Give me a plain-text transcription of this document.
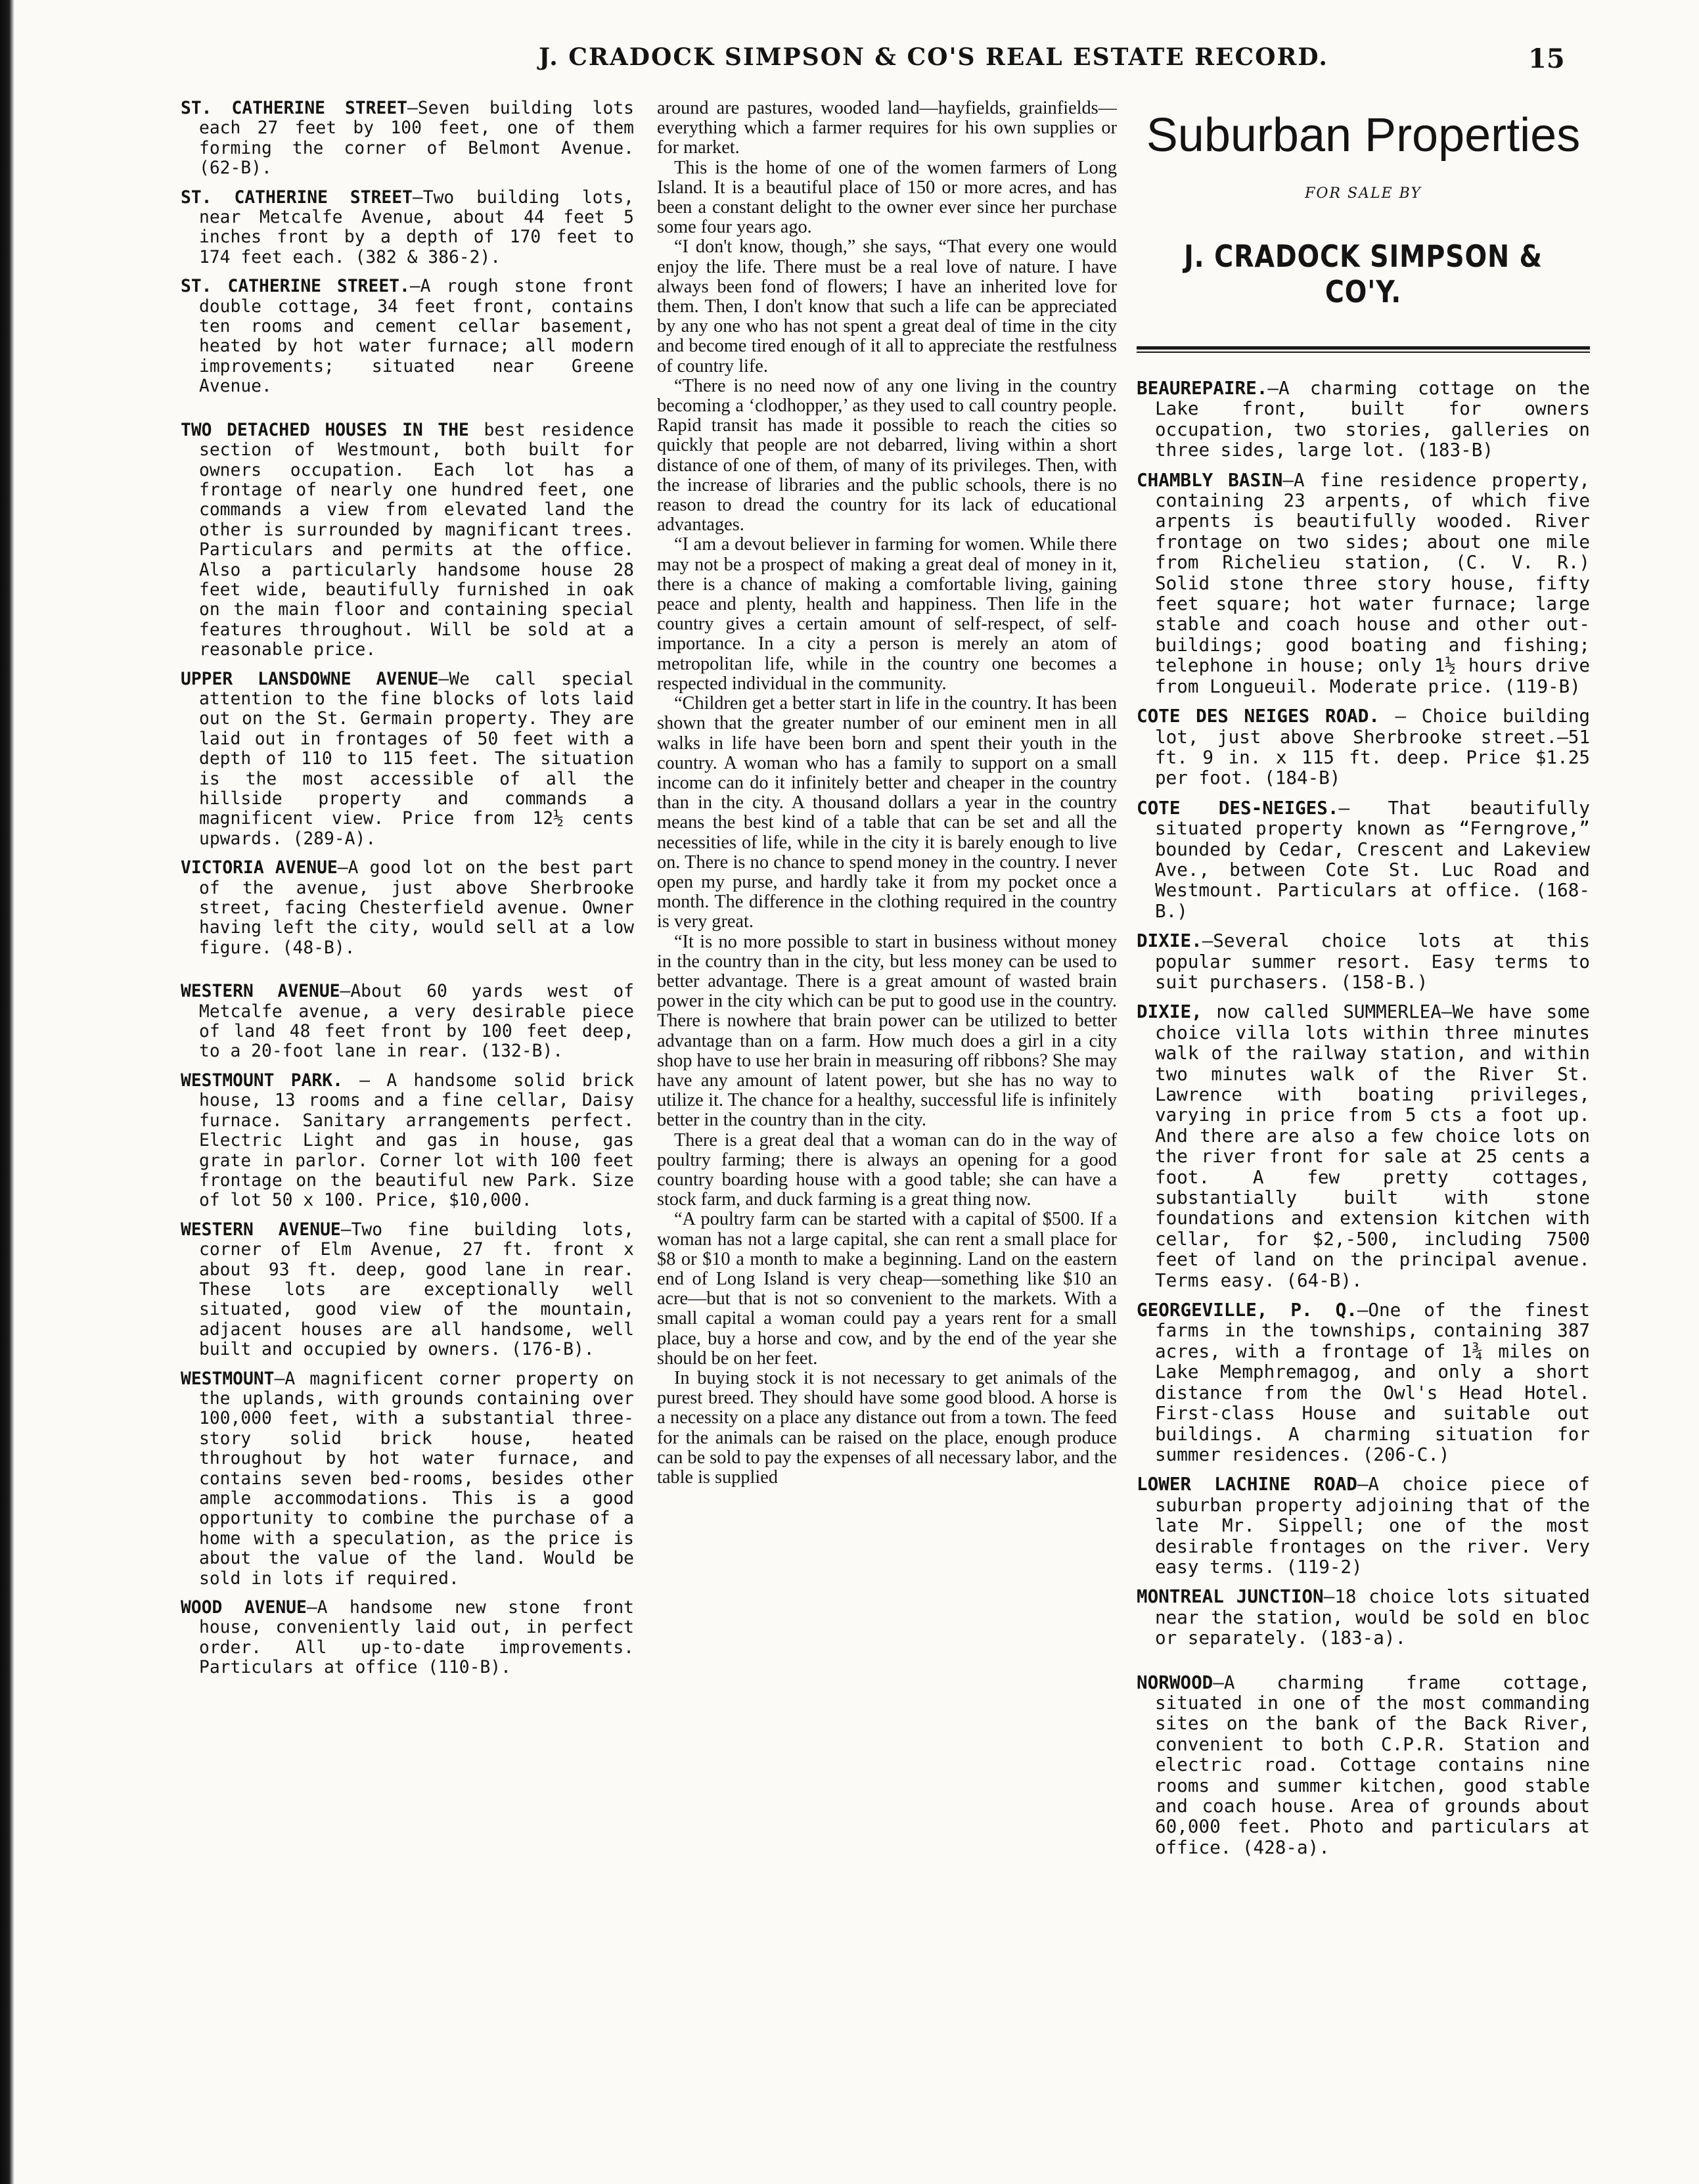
J. CRADOCK SIMPSON & CO'S REAL ESTATE RECORD.	15

ST. CATHERINE STREET—Seven building lots each 27 feet by 100 feet, one of them forming the corner of Belmont Avenue. (62-B).

ST. CATHERINE STREET—Two building lots, near Metcalfe Avenue, about 44 feet 5 inches front by a depth of 170 feet to 174 feet each. (382 & 386-2).

ST. CATHERINE STREET.—A rough stone front double cottage, 34 feet front, contains ten rooms and cement cellar basement, heated by hot water furnace; all modern improvements; situated near Greene Avenue.

TWO DETACHED HOUSES IN THE best residence section of Westmount, both built for owners occupation. Each lot has a frontage of nearly one hundred feet, one commands a view from elevated land the other is surrounded by magnificant trees. Particulars and permits at the office. Also a particularly handsome house 28 feet wide, beautifully furnished in oak on the main floor and containing special features throughout. Will be sold at a reasonable price.

UPPER LANSDOWNE AVENUE—We call special attention to the fine blocks of lots laid out on the St. Germain property. They are laid out in frontages of 50 feet with a depth of 110 to 115 feet. The situation is the most accessible of all the hillside property and commands a magnificent view. Price from 12½ cents upwards. (289-A).

VICTORIA AVENUE—A good lot on the best part of the avenue, just above Sherbrooke street, facing Chesterfield avenue. Owner having left the city, would sell at a low figure. (48-B).

WESTERN AVENUE—About 60 yards west of Metcalfe avenue, a very desirable piece of land 48 feet front by 100 feet deep, to a 20-foot lane in rear. (132-B).

WESTMOUNT PARK. — A handsome solid brick house, 13 rooms and a fine cellar, Daisy furnace. Sanitary arrangements perfect. Electric Light and gas in house, gas grate in parlor. Corner lot with 100 feet frontage on the beautiful new Park. Size of lot 50 x 100. Price, $10,000.

WESTERN AVENUE—Two fine building lots, corner of Elm Avenue, 27 ft. front x about 93 ft. deep, good lane in rear. These lots are exceptionally well situated, good view of the mountain, adjacent houses are all handsome, well built and occupied by owners. (176-B).

WESTMOUNT—A magnificent corner property on the uplands, with grounds containing over 100,000 feet, with a substantial three-story solid brick house, heated throughout by hot water furnace, and contains seven bed-rooms, besides other ample accommodations. This is a good opportunity to combine the purchase of a home with a speculation, as the price is about the value of the land. Would be sold in lots if required.

WOOD AVENUE—A handsome new stone front house, conveniently laid out, in perfect order. All up-to-date improvements. Particulars at office (110-B).

around are pastures, wooded land—hayfields, grainfields—everything which a farmer requires for his own supplies or for market.

This is the home of one of the women farmers of Long Island. It is a beautiful place of 150 or more acres, and has been a constant delight to the owner ever since her purchase some four years ago.

“I don't know, though,” she says, “That every one would enjoy the life. There must be a real love of nature. I have always been fond of flowers; I have an inherited love for them. Then, I don't know that such a life can be appreciated by any one who has not spent a great deal of time in the city and become tired enough of it all to appreciate the restfulness of country life.

“There is no need now of any one living in the country becoming a ‘clodhopper,’ as they used to call country people. Rapid transit has made it possible to reach the cities so quickly that people are not debarred, living within a short distance of one of them, of many of its privileges. Then, with the increase of libraries and the public schools, there is no reason to dread the country for its lack of educational advantages.

“I am a devout believer in farming for women. While there may not be a prospect of making a great deal of money in it, there is a chance of making a comfortable living, gaining peace and plenty, health and happiness. Then life in the country gives a certain amount of self-respect, of self-importance. In a city a person is merely an atom of metropolitan life, while in the country one becomes a respected individual in the community.

“Children get a better start in life in the country. It has been shown that the greater number of our eminent men in all walks in life have been born and spent their youth in the country. A woman who has a family to support on a small income can do it infinitely better and cheaper in the country than in the city. A thousand dollars a year in the country means the best kind of a table that can be set and all the necessities of life, while in the city it is barely enough to live on. There is no chance to spend money in the country. I never open my purse, and hardly take it from my pocket once a month. The difference in the clothing required in the country is very great.

“It is no more possible to start in business without money in the country than in the city, but less money can be used to better advantage. There is a great amount of wasted brain power in the city which can be put to good use in the country. There is nowhere that brain power can be utilized to better advantage than on a farm. How much does a girl in a city shop have to use her brain in measuring off ribbons? She may have any amount of latent power, but she has no way to utilize it. The chance for a healthy, successful life is infinitely better in the country than in the city.

There is a great deal that a woman can do in the way of poultry farming; there is always an opening for a good country boarding house with a good table; she can have a stock farm, and duck farming is a great thing now.

“A poultry farm can be started with a capital of $500. If a woman has not a large capital, she can rent a small place for $8 or $10 a month to make a beginning. Land on the eastern end of Long Island is very cheap—something like $10 an acre—but that is not so convenient to the markets. With a small capital a woman could pay a years rent for a small place, buy a horse and cow, and by the end of the year she should be on her feet.

In buying stock it is not necessary to get animals of the purest breed. They should have some good blood. A horse is a necessity on a place any distance out from a town. The feed for the animals can be raised on the place, enough produce can be sold to pay the expenses of all necessary labor, and the table is supplied

Suburban Properties
FOR SALE BY
J. CRADOCK SIMPSON & CO'Y.

BEAUREPAIRE.—A charming cottage on the Lake front, built for owners occupation, two stories, galleries on three sides, large lot. (183-B)

CHAMBLY BASIN—A fine residence property, containing 23 arpents, of which five arpents is beautifully wooded. River frontage on two sides; about one mile from Richelieu station, (C. V. R.) Solid stone three story house, fifty feet square; hot water furnace; large stable and coach house and other out-buildings; good boating and fishing; telephone in house; only 1½ hours drive from Longueuil. Moderate price. (119-B)

COTE DES NEIGES ROAD. — Choice building lot, just above Sherbrooke street.—51 ft. 9 in. x 115 ft. deep. Price $1.25 per foot. (184-B)

COTE DES-NEIGES.— That beautifully situated property known as “Ferngrove,” bounded by Cedar, Crescent and Lakeview Ave., between Cote St. Luc Road and Westmount. Particulars at office. (168-B.)

DIXIE.—Several choice lots at this popular summer resort. Easy terms to suit purchasers. (158-B.)

DIXIE, now called SUMMERLEA—We have some choice villa lots within three minutes walk of the railway station, and within two minutes walk of the River St. Lawrence with boating privileges, varying in price from 5 cts a foot up. And there are also a few choice lots on the river front for sale at 25 cents a foot. A few pretty cottages, substantially built with stone foundations and extension kitchen with cellar, for $2,-500, including 7500 feet of land on the principal avenue. Terms easy. (64-B).

GEORGEVILLE, P. Q.—One of the finest farms in the townships, containing 387 acres, with a frontage of 1¾ miles on Lake Memphremagog, and only a short distance from the Owl's Head Hotel. First-class House and suitable out buildings. A charming situation for summer residences. (206-C.)

LOWER LACHINE ROAD—A choice piece of suburban property adjoining that of the late Mr. Sippell; one of the most desirable frontages on the river. Very easy terms. (119-2)

MONTREAL JUNCTION—18 choice lots situated near the station, would be sold en bloc or separately. (183-a).

NORWOOD—A charming frame cottage, situated in one of the most commanding sites on the bank of the Back River, convenient to both C.P.R. Station and electric road. Cottage contains nine rooms and summer kitchen, good stable and coach house. Area of grounds about 60,000 feet. Photo and particulars at office. (428-a).
